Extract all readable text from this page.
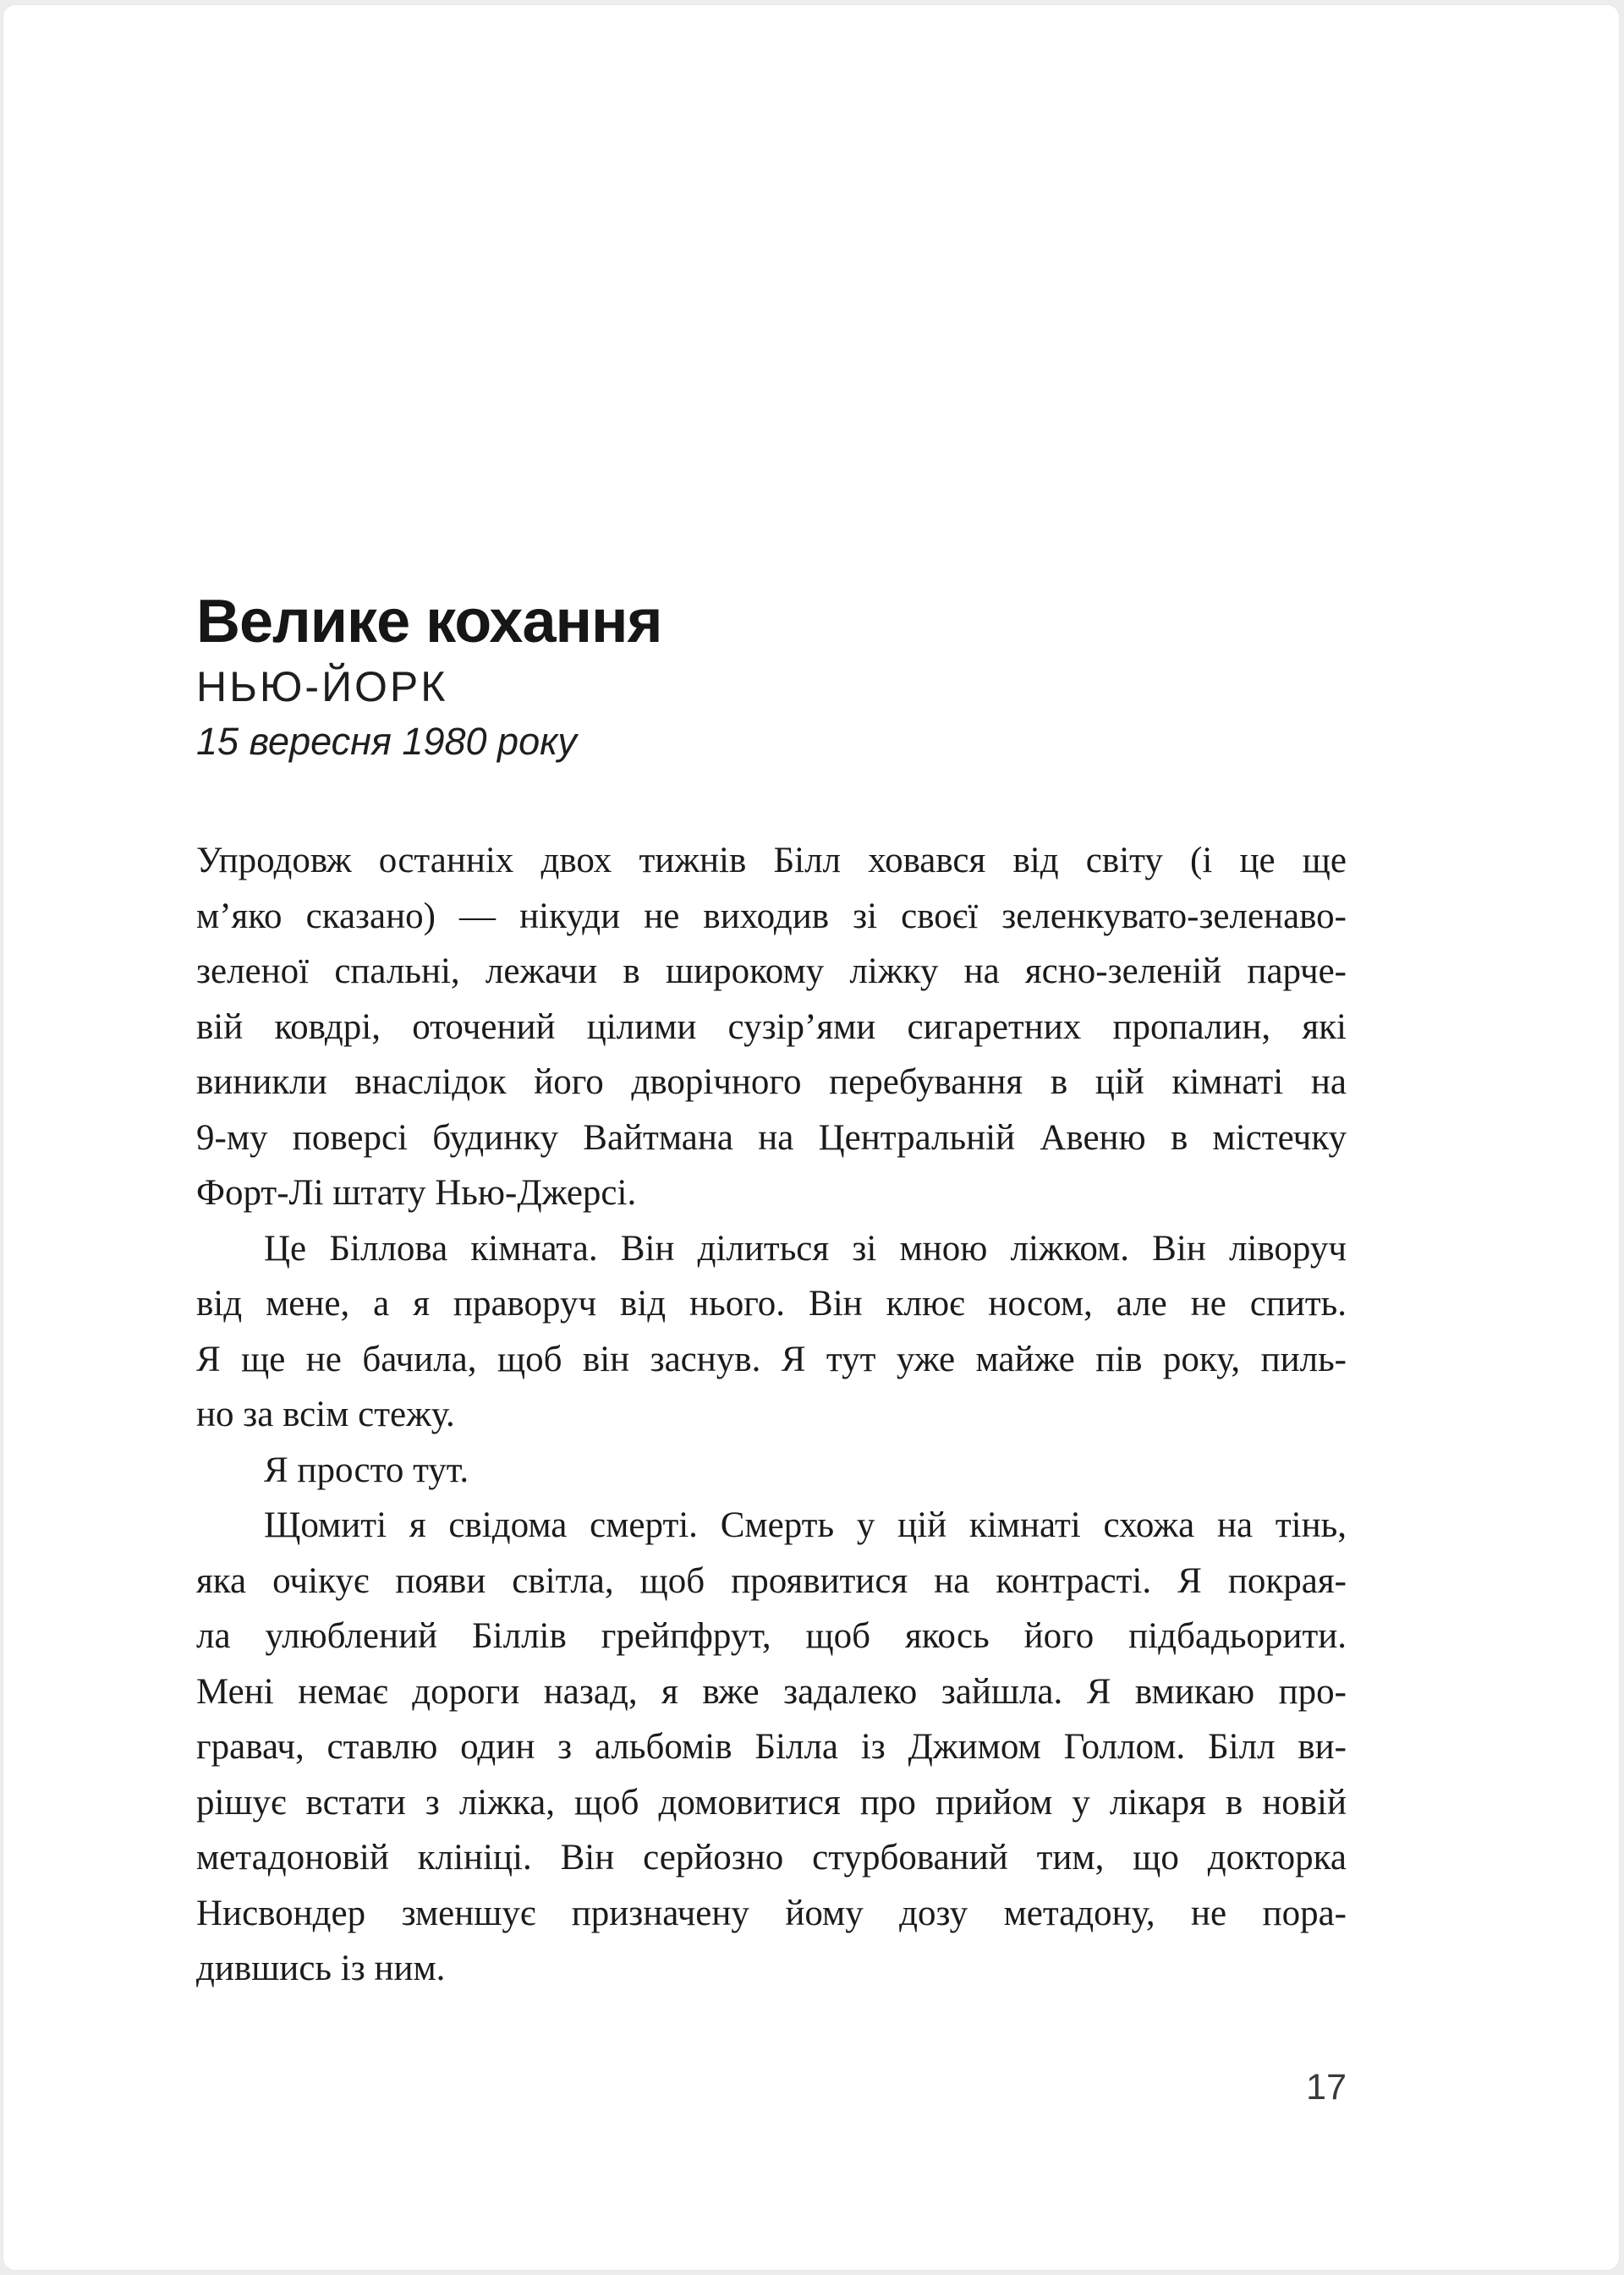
Велике кохання
НЬЮ-ЙОРК
15 вересня 1980 року
Упродовж останніх двох тижнів Білл ховався від світу (і це ще
м’яко сказано) — нікуди не виходив зі своєї зеленкувато-зеленаво-
зеленої спальні, лежачи в широкому ліжку на ясно-зеленій парче-
вій ковдрі, оточений цілими сузір’ями сигаретних пропалин, які
виникли внаслідок його дворічного перебування в цій кімнаті на
9-му поверсі будинку Вайтмана на Центральній Авеню в містечку
Форт-Лі штату Нью-Джерсі.
Це Біллова кімната. Він ділиться зі мною ліжком. Він ліворуч
від мене, а я праворуч від нього. Він клює носом, але не спить.
Я ще не бачила, щоб він заснув. Я тут уже майже пів року, пиль-
но за всім стежу.
Я просто тут.
Щомиті я свідома смерті. Смерть у цій кімнаті схожа на тінь,
яка очікує появи світла, щоб проявитися на контрасті. Я покрая-
ла улюблений Біллів грейпфрут, щоб якось його підбадьорити.
Мені немає дороги назад, я вже задалеко зайшла. Я вмикаю про-
гравач, ставлю один з альбомів Білла із Джимом Голлом. Білл ви-
рішує встати з ліжка, щоб домовитися про прийом у лікаря в новій
метадоновій клініці. Він серйозно стурбований тим, що докторка
Нисвондер зменшує призначену йому дозу метадону, не пора-
дившись із ним.
17
